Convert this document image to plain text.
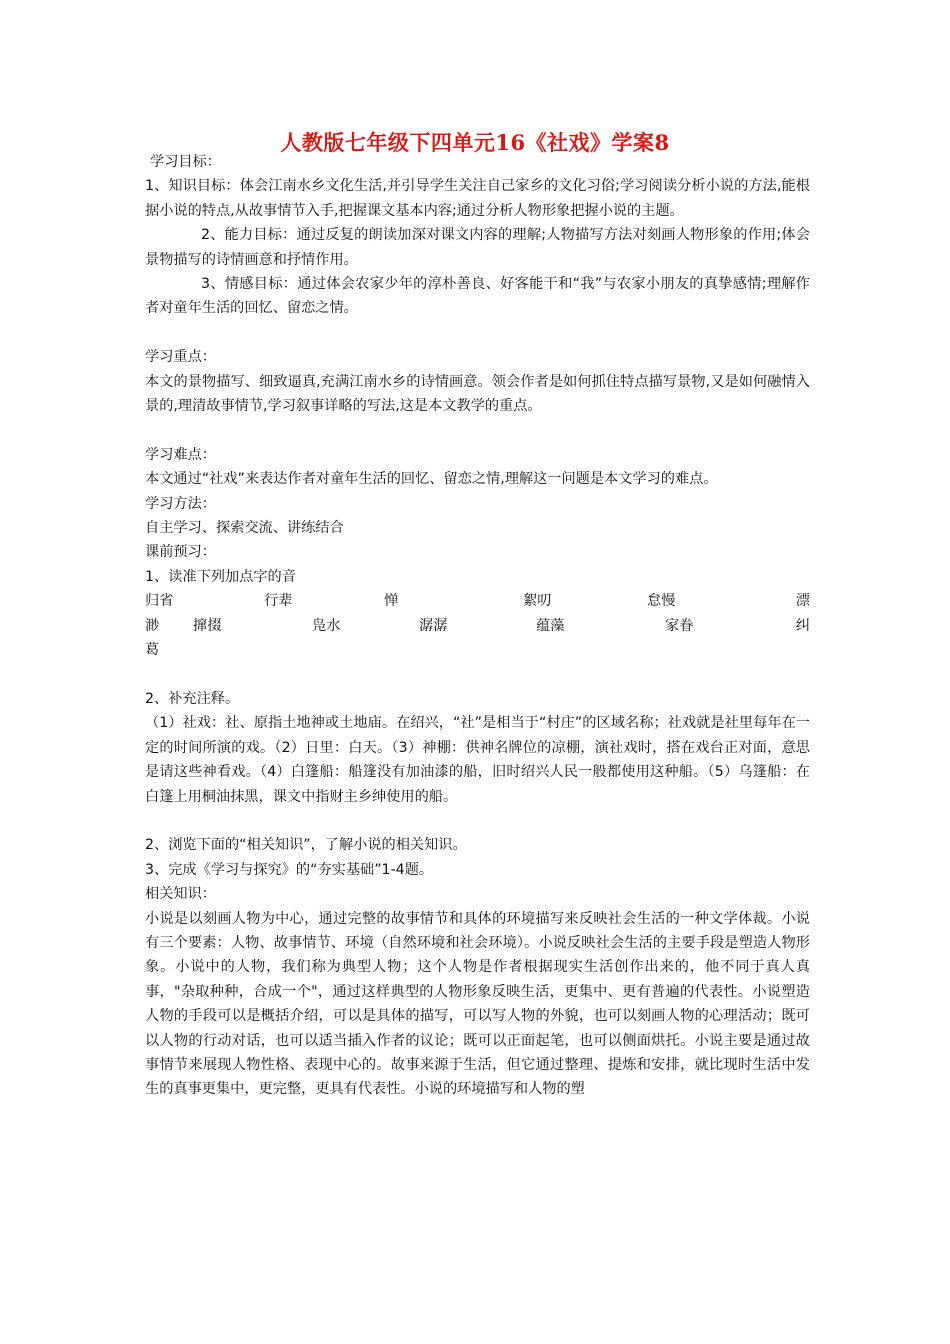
人教版七年级下四单元16《社戏》学案8

学习目标：

1、知识目标：体会江南水乡文化生活,并引导学生关注自己家乡的文化习俗;学习阅读分析小说的方法,能根据小说的特点,从故事情节入手,把握课文基本内容;通过分析人物形象把握小说的主题。

2、能力目标：通过反复的朗读加深对课文内容的理解;人物描写方法对刻画人物形象的作用;体会景物描写的诗情画意和抒情作用。

3、情感目标：通过体会农家少年的淳朴善良、好客能干和“我”与农家小朋友的真挚感情;理解作者对童年生活的回忆、留恋之情。

学习重点：

本文的景物描写、细致逼真,充满江南水乡的诗情画意。领会作者是如何抓住特点描写景物,又是如何融情入景的,理清故事情节,学习叙事详略的写法,这是本文教学的重点。

学习难点：

本文通过“社戏”来表达作者对童年生活的回忆、留恋之情,理解这一问题是本文学习的难点。

学习方法：

自主学习、探索交流、讲练结合

课前预习：

1、读准下列加点字的音

归省	行辈	惮	絮叨	怠慢	漂
渺	撺掇	凫水	潺潺	蕴藻	家眷	纠

葛

2、补充注释。

（1）社戏：社、原指土地神或土地庙。在绍兴，“社”是相当于“村庄”的区域名称；社戏就是社里每年在一定的时间所演的戏。（2）日里：白天。（3）神棚：供神名牌位的凉棚，演社戏时，搭在戏台正对面，意思是请这些神看戏。（4）白篷船：船篷没有加油漆的船，旧时绍兴人民一般都使用这种船。（5）乌篷船：在白篷上用桐油抹黑，课文中指财主乡绅使用的船。

2、浏览下面的“相关知识”，了解小说的相关知识。

3、完成《学习与探究》的“夯实基础”1-4题。

相关知识：

小说是以刻画人物为中心，通过完整的故事情节和具体的环境描写来反映社会生活的一种文学体裁。小说有三个要素：人物、故事情节、环境（自然环境和社会环境）。小说反映社会生活的主要手段是塑造人物形象。小说中的人物，我们称为典型人物；这个人物是作者根据现实生活创作出来的，他不同于真人真事，"杂取种种，合成一个"，通过这样典型的人物形象反映生活，更集中、更有普遍的代表性。小说塑造人物的手段可以是概括介绍，可以是具体的描写，可以写人物的外貌，也可以刻画人物的心理活动；既可以人物的行动对话，也可以适当插入作者的议论；既可以正面起笔，也可以侧面烘托。小说主要是通过故事情节来展现人物性格、表现中心的。故事来源于生活，但它通过整理、提炼和安排，就比现时生活中发生的真事更集中，更完整，更具有代表性。小说的环境描写和人物的塑
